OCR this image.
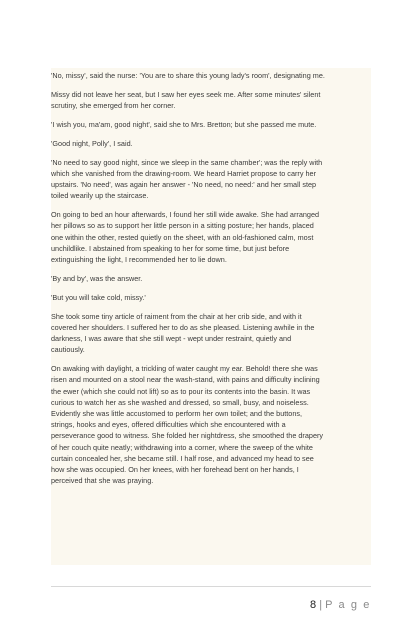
'No, missy', said the nurse: 'You are to share this young lady's room', designating me.

Missy did not leave her seat, but I saw her eyes seek me. After some minutes' silent
scrutiny, she emerged from her corner.

'I wish you, ma'am, good night', said she to Mrs. Bretton; but she passed me mute.

'Good night, Polly', I said.

'No need to say good night, since we sleep in the same chamber'; was the reply with
which she vanished from the drawing-room. We heard Harriet propose to carry her
upstairs. 'No need', was again her answer - 'No need, no need:' and her small step
toiled wearily up the staircase.

On going to bed an hour afterwards, I found her still wide awake. She had arranged
her pillows so as to support her little person in a sitting posture; her hands, placed
one within the other, rested quietly on the sheet, with an old-fashioned calm, most
unchildlike. I abstained from speaking to her for some time, but just before
extinguishing the light, I recommended her to lie down.

'By and by', was the answer.

'But you will take cold, missy.'

She took some tiny article of raiment from the chair at her crib side, and with it
covered her shoulders. I suffered her to do as she pleased. Listening awhile in the
darkness, I was aware that she still wept - wept under restraint, quietly and
cautiously.

On awaking with daylight, a trickling of water caught my ear. Behold! there she was
risen and mounted on a stool near the wash-stand, with pains and difficulty inclining
the ewer (which she could not lift) so as to pour its contents into the basin. It was
curious to watch her as she washed and dressed, so small, busy, and noiseless.
Evidently she was little accustomed to perform her own toilet; and the buttons,
strings, hooks and eyes, offered difficulties which she encountered with a
perseverance good to witness. She folded her nightdress, she smoothed the drapery
of her couch quite neatly; withdrawing into a corner, where the sweep of the white
curtain concealed her, she became still. I half rose, and advanced my head to see
how she was occupied. On her knees, with her forehead bent on her hands, I
perceived that she was praying.

8 | P a g e
